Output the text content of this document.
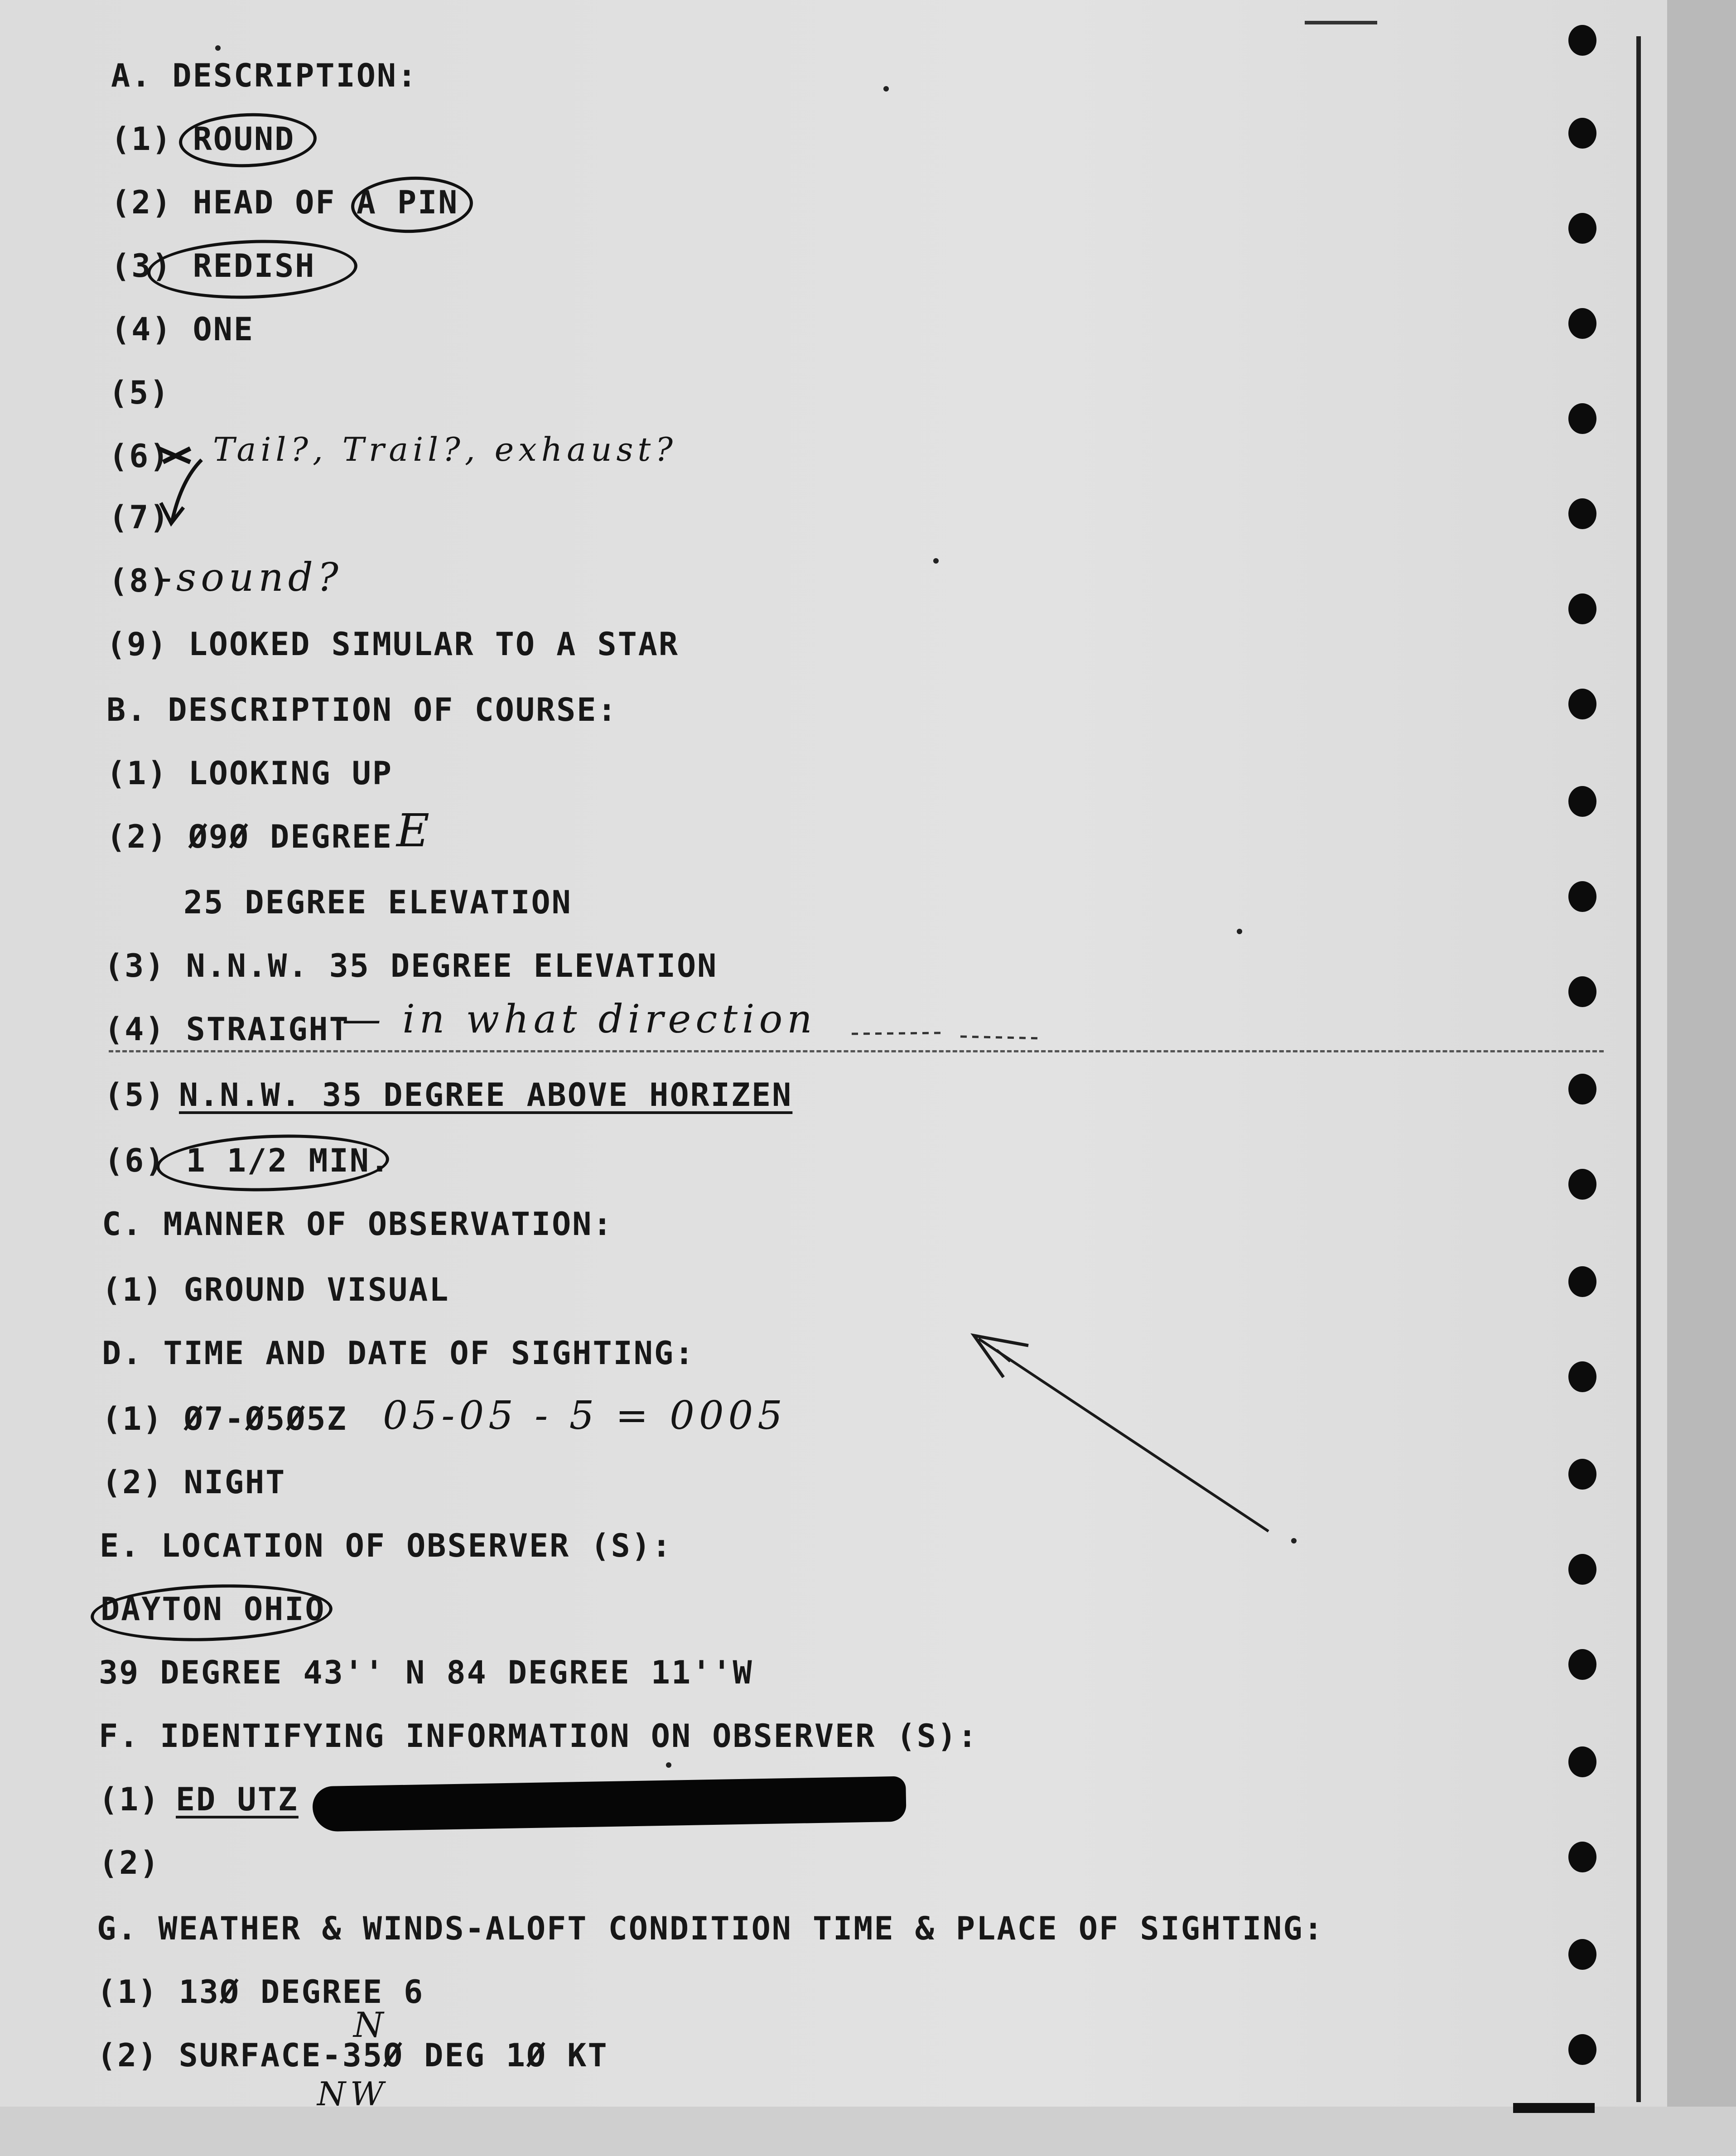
A. DESCRIPTION:

(1) ROUND

(2) HEAD OF A PIN

(3) REDISH

(4) ONE

(5)

(6)

(7)

(8)

(9) LOOKED SIMULAR TO A STAR

B. DESCRIPTION OF COURSE:

(1) LOOKING UP

(2) Ø9Ø DEGREE

25 DEGREE ELEVATION

(3) N.N.W. 35 DEGREE ELEVATION

(4) STRAIGHT

(5) N.N.W. 35 DEGREE ABOVE HORIZEN

(6) 1 1/2 MIN.

C. MANNER OF OBSERVATION:

(1) GROUND VISUAL

D. TIME AND DATE OF SIGHTING:

(1) Ø7-Ø5Ø5Z

(2) NIGHT

E. LOCATION OF OBSERVER (S):

DAYTON OHIO

39 DEGREE 43'' N 84 DEGREE 11''W

F. IDENTIFYING INFORMATION ON OBSERVER (S):

(1) ED UTZ

(2)

G. WEATHER & WINDS-ALOFT CONDITION TIME & PLACE OF SIGHTING:

(1) 13Ø DEGREE 6

(2) SURFACE-35Ø DEG 1Ø KT

Tail?, Trail?, exhaust?

-sound?

E

— in what direction

05-05 - 5 = 0005

N

NW
